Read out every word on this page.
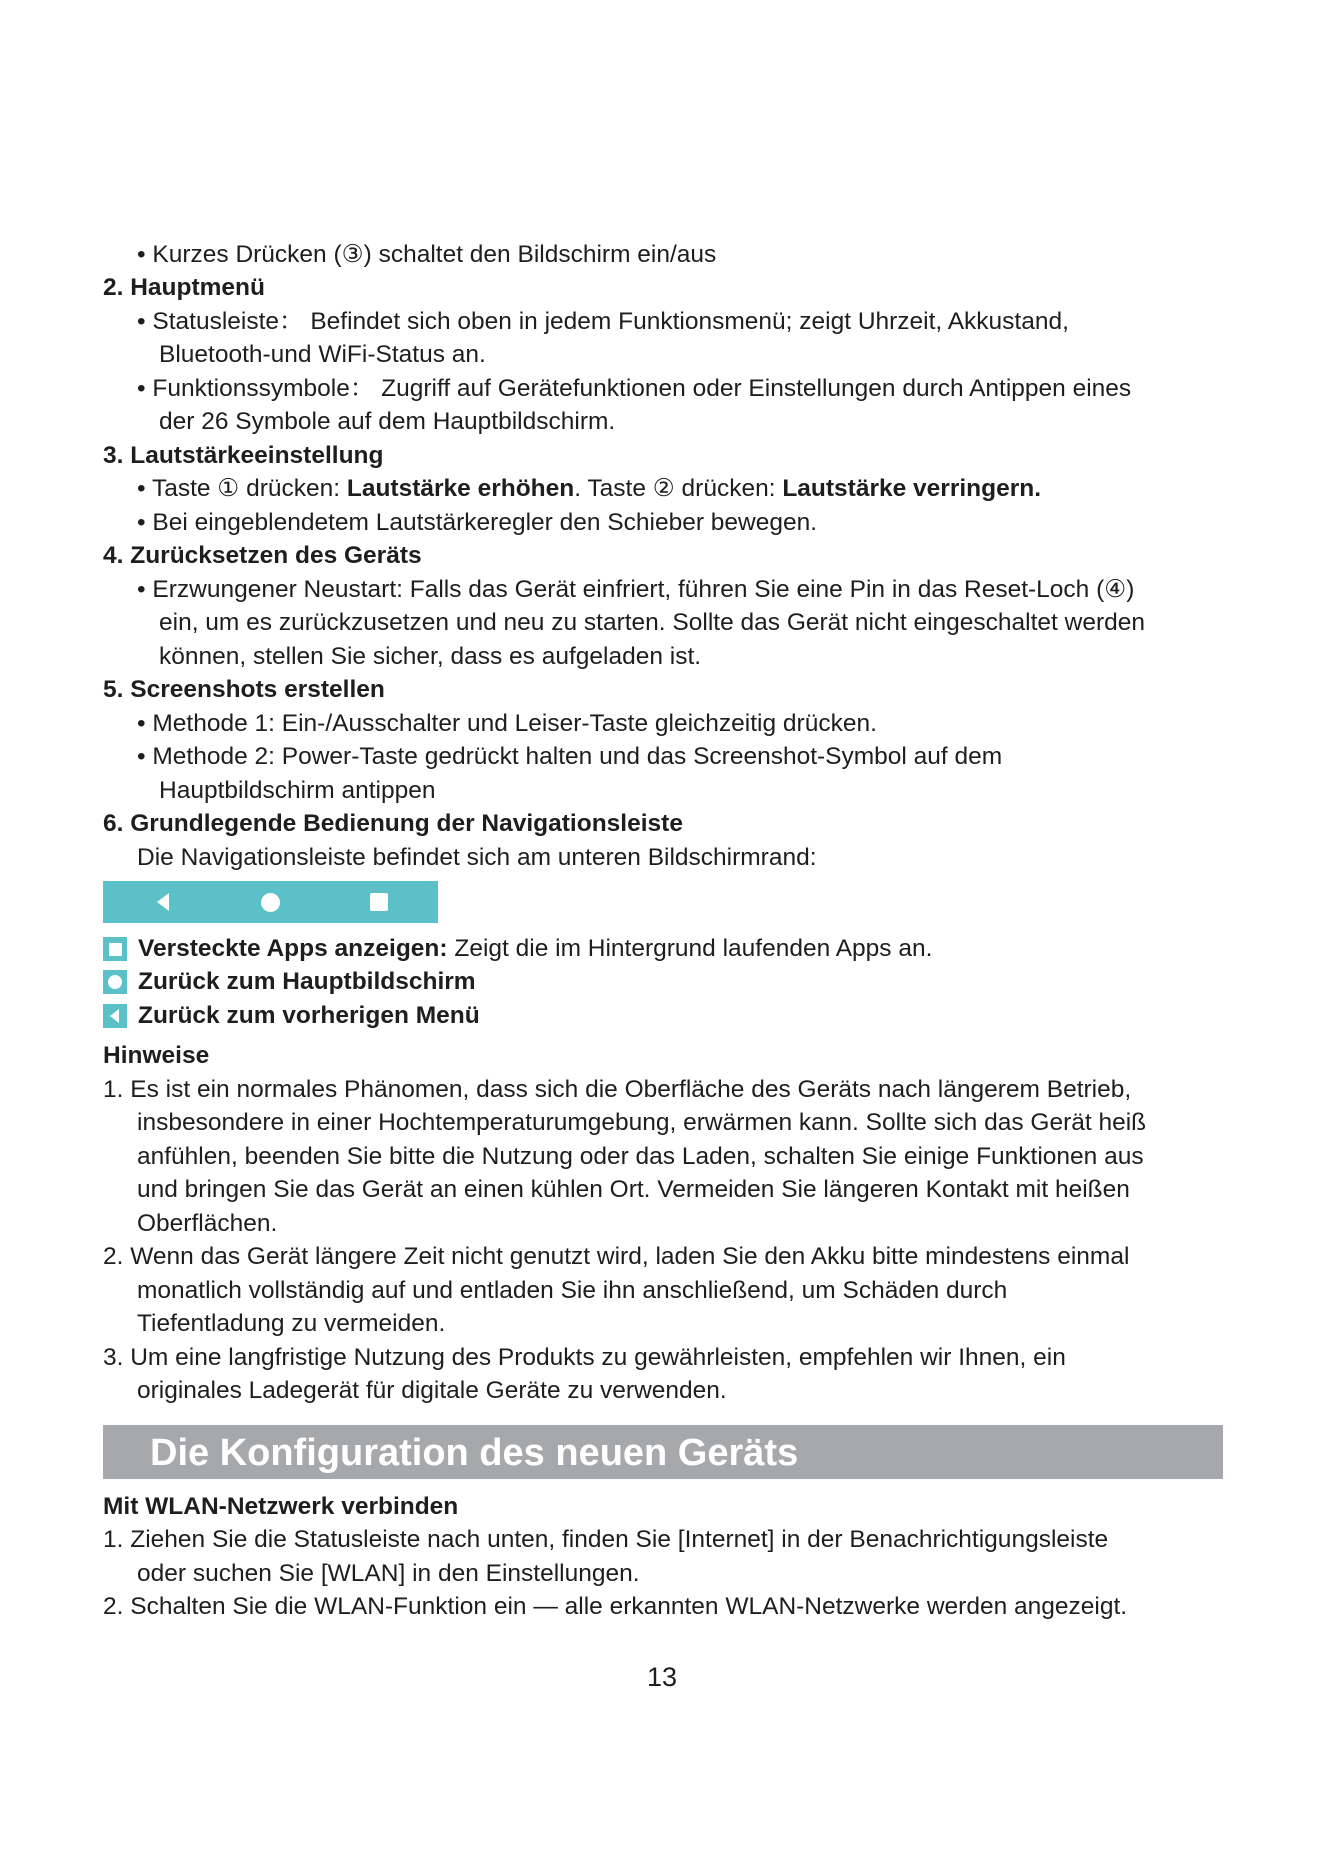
• Kurzes Drücken (③) schaltet den Bildschirm ein/aus
2. Hauptmenü
• Statusleiste： Befindet sich oben in jedem Funktionsmenü; zeigt Uhrzeit, Akkustand,
Bluetooth-und WiFi-Status an.
• Funktionssymbole： Zugriff auf Gerätefunktionen oder Einstellungen durch Antippen eines
der 26 Symbole auf dem Hauptbildschirm.
3. Lautstärkeeinstellung
• Taste ① drücken: Lautstärke erhöhen. Taste ② drücken: Lautstärke verringern.
• Bei eingeblendetem Lautstärkeregler den Schieber bewegen.
4. Zurücksetzen des Geräts
• Erzwungener Neustart: Falls das Gerät einfriert, führen Sie eine Pin in das Reset-Loch (④)
ein, um es zurückzusetzen und neu zu starten. Sollte das Gerät nicht eingeschaltet werden
können, stellen Sie sicher, dass es aufgeladen ist.
5. Screenshots erstellen
• Methode 1: Ein-/Ausschalter und Leiser-Taste gleichzeitig drücken.
• Methode 2: Power-Taste gedrückt halten und das Screenshot-Symbol auf dem
Hauptbildschirm antippen
6. Grundlegende Bedienung der Navigationsleiste
Die Navigationsleiste befindet sich am unteren Bildschirmrand:
Versteckte Apps anzeigen: Zeigt die im Hintergrund laufenden Apps an.
Zurück zum Hauptbildschirm
Zurück zum vorherigen Menü
Hinweise
1. Es ist ein normales Phänomen, dass sich die Oberfläche des Geräts nach längerem Betrieb,
insbesondere in einer Hochtemperaturumgebung, erwärmen kann. Sollte sich das Gerät heiß
anfühlen, beenden Sie bitte die Nutzung oder das Laden, schalten Sie einige Funktionen aus
und bringen Sie das Gerät an einen kühlen Ort. Vermeiden Sie längeren Kontakt mit heißen
Oberflächen.
2. Wenn das Gerät längere Zeit nicht genutzt wird, laden Sie den Akku bitte mindestens einmal
monatlich vollständig auf und entladen Sie ihn anschließend, um Schäden durch
Tiefentladung zu vermeiden.
3. Um eine langfristige Nutzung des Produkts zu gewährleisten, empfehlen wir Ihnen, ein
originales Ladegerät für digitale Geräte zu verwenden.
Die Konfiguration des neuen Geräts
Mit WLAN-Netzwerk verbinden
1. Ziehen Sie die Statusleiste nach unten, finden Sie [Internet] in der Benachrichtigungsleiste
oder suchen Sie [WLAN] in den Einstellungen.
2. Schalten Sie die WLAN-Funktion ein — alle erkannten WLAN-Netzwerke werden angezeigt.
13
